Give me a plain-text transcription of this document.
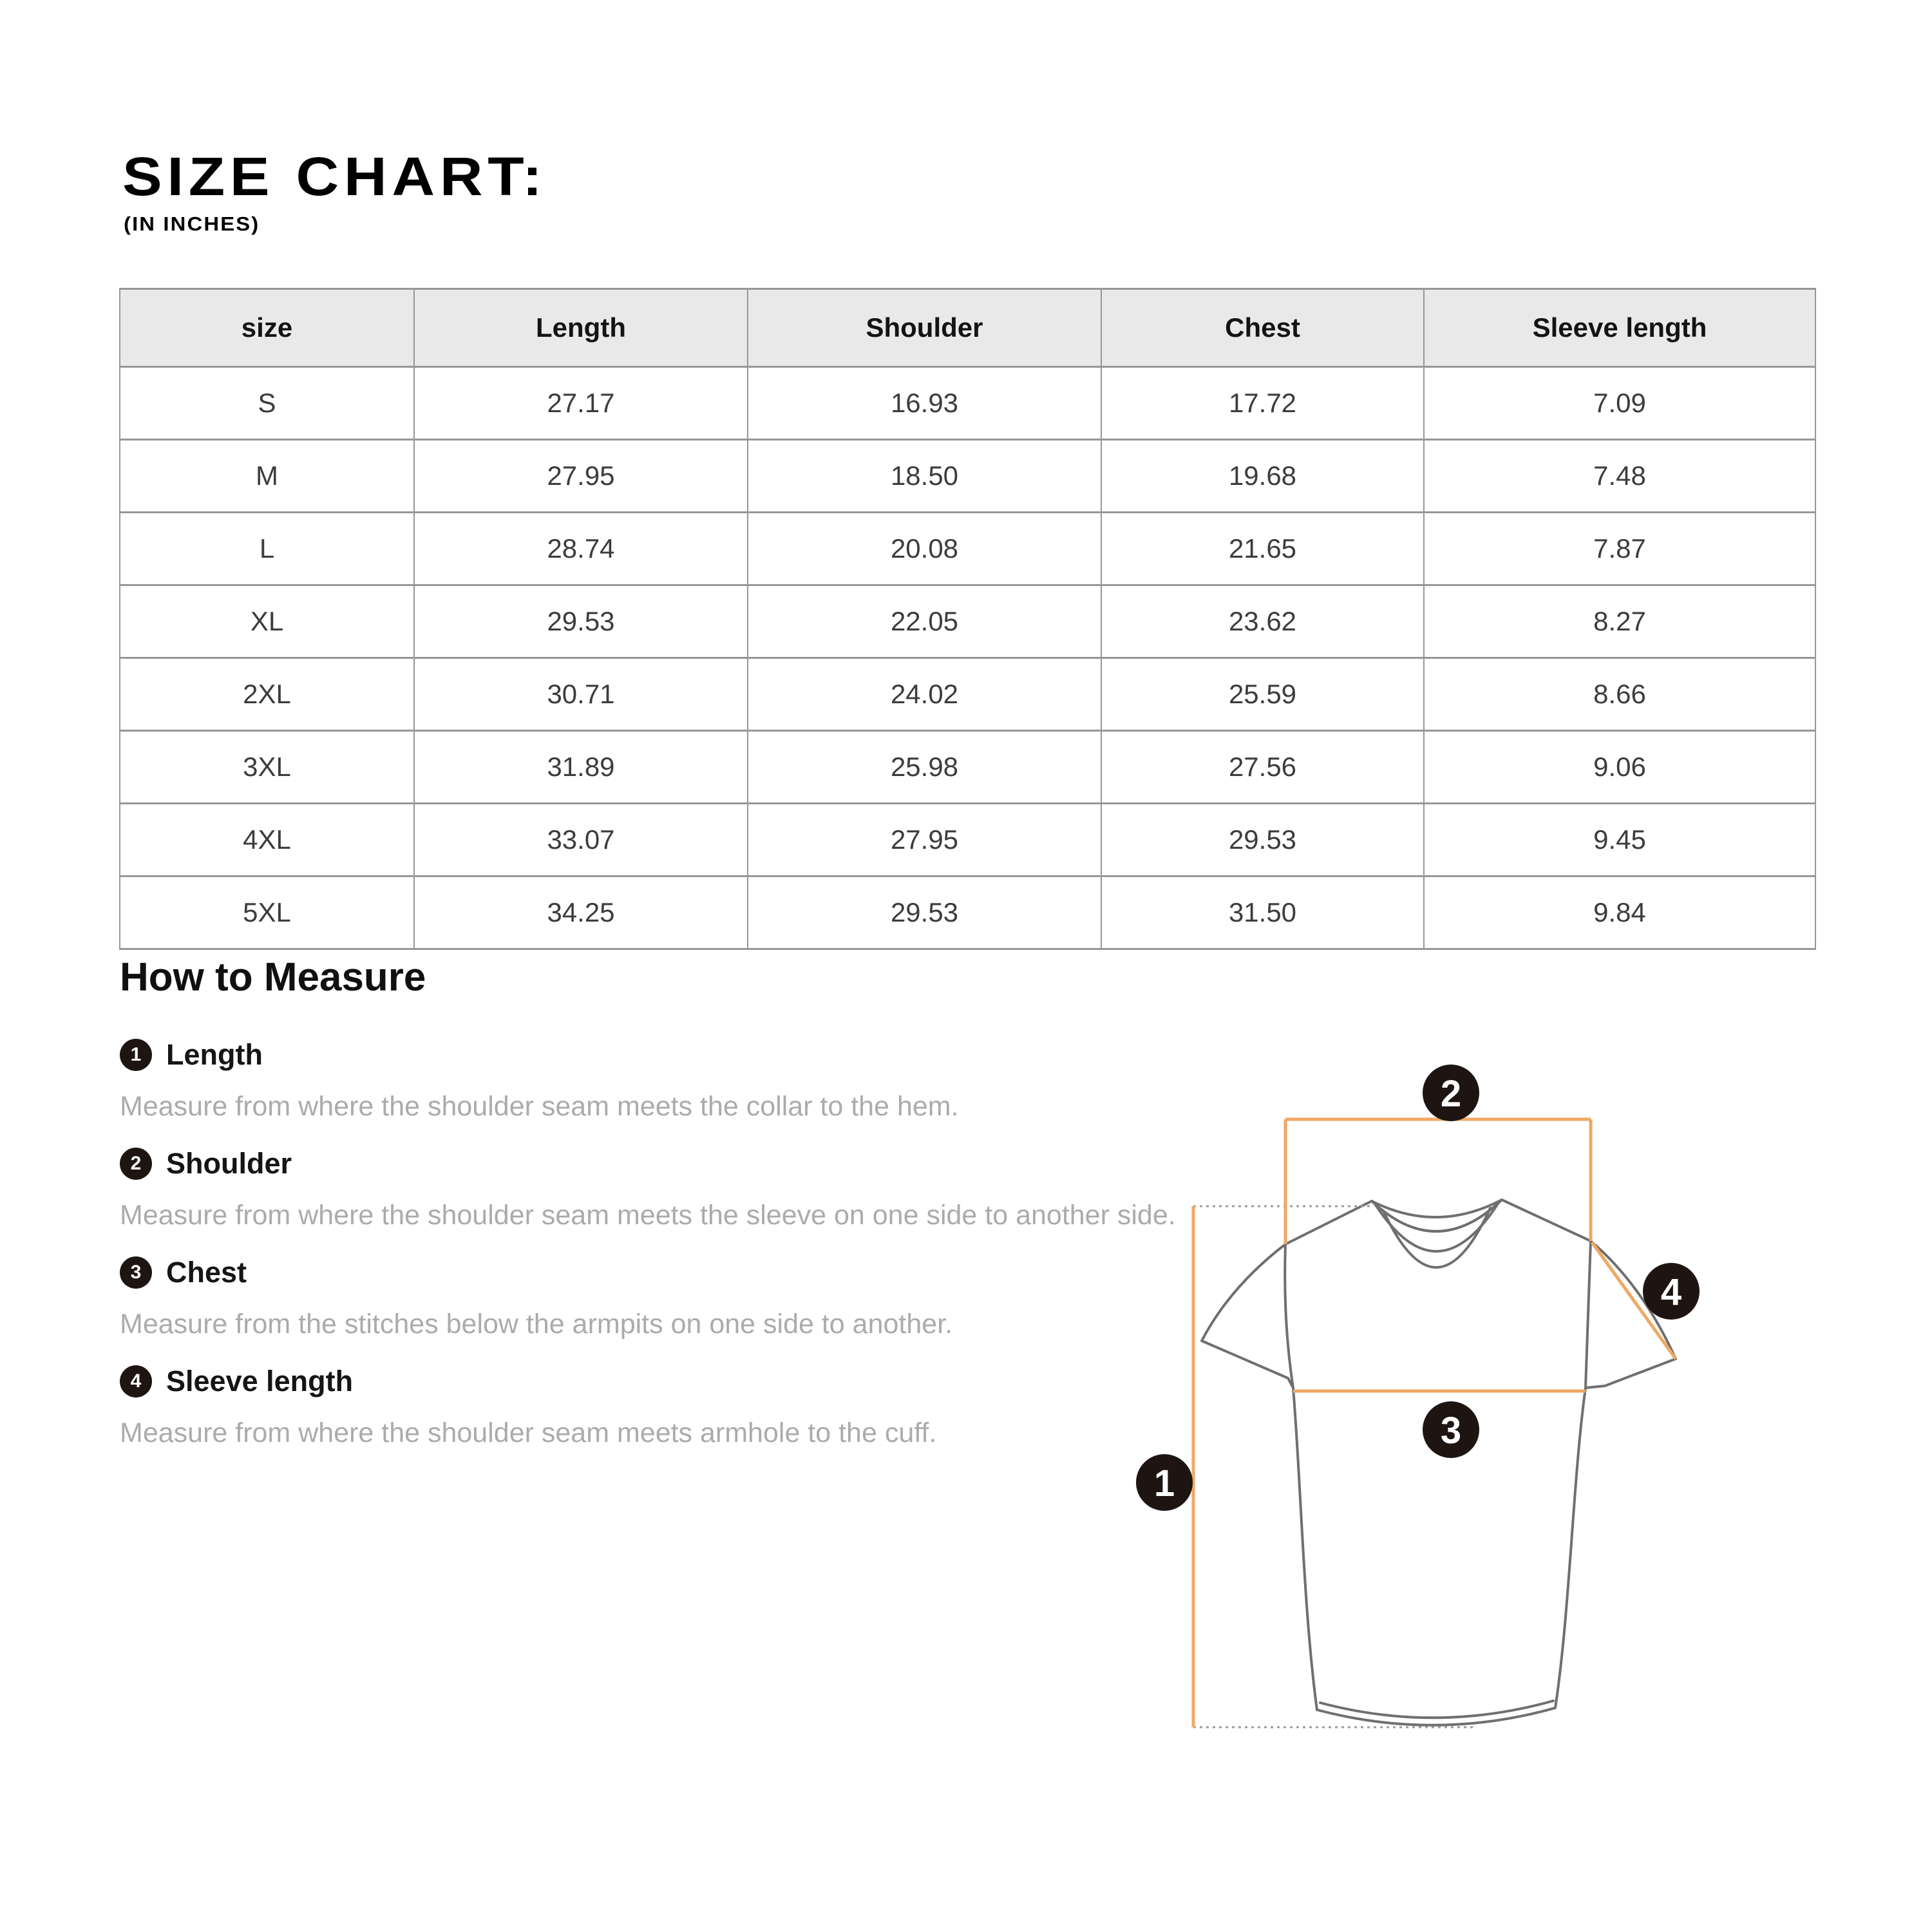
SIZE CHART:
(IN INCHES)
size	Length	Shoulder	Chest	Sleeve length
S	27.17	16.93	17.72	7.09
M	27.95	18.50	19.68	7.48
L	28.74	20.08	21.65	7.87
XL	29.53	22.05	23.62	8.27
2XL	30.71	24.02	25.59	8.66
3XL	31.89	25.98	27.56	9.06
4XL	33.07	27.95	29.53	9.45
5XL	34.25	29.53	31.50	9.84
How to Measure
1 Length

Measure from where the shoulder seam meets the collar to the hem.

2 Shoulder

Measure from where the shoulder seam meets the sleeve on one side to another side.

3 Chest

Measure from the stitches below the armpits on one side to another.

4 Sleeve length

Measure from where the shoulder seam meets armhole to the cuff.

1
2
3
4
